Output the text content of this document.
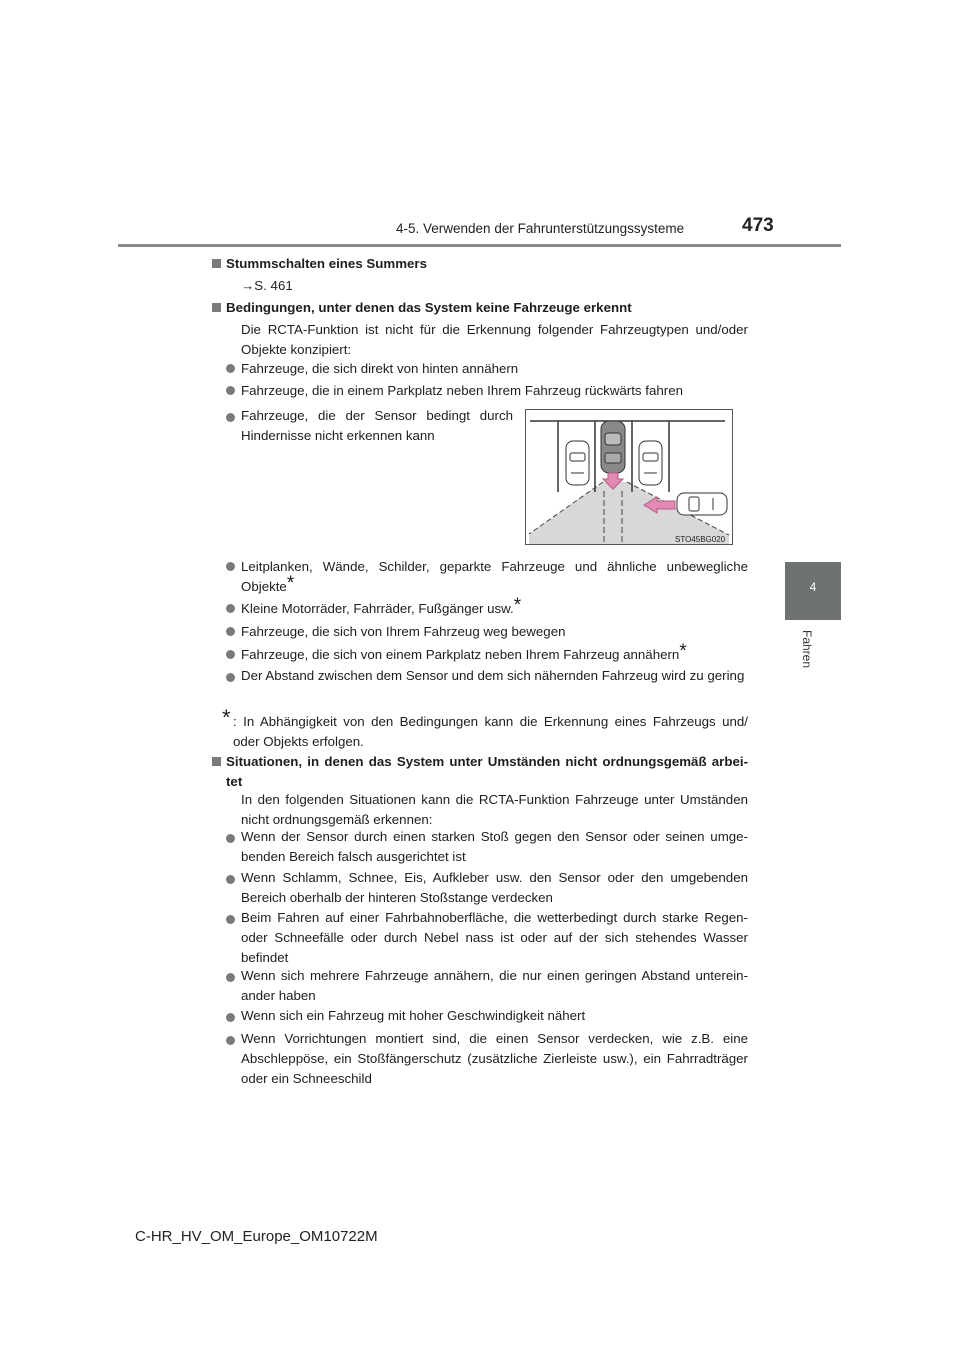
4-5. Verwenden der Fahrunterstützungssysteme	473
4
Fahren
Stummschalten eines Summers
→S. 461
Bedingungen, unter denen das System keine Fahrzeuge erkennt
Die RCTA-Funktion ist nicht für die Erkennung folgender Fahrzeugtypen und/oder Objekte konzipiert:
Fahrzeuge, die sich direkt von hinten annähern
Fahrzeuge, die in einem Parkplatz neben Ihrem Fahrzeug rückwärts fahren
Fahrzeuge, die der Sensor bedingt durch Hindernisse nicht erkennen kann
STO45BG020
Leitplanken, Wände, Schilder, geparkte Fahrzeuge und ähnliche unbewegliche Objekte*
Kleine Motorräder, Fahrräder, Fußgänger usw.*
Fahrzeuge, die sich von Ihrem Fahrzeug weg bewegen
Fahrzeuge, die sich von einem Parkplatz neben Ihrem Fahrzeug annähern*
Der Abstand zwischen dem Sensor und dem sich nähernden Fahrzeug wird zu gering
* : In Abhängigkeit von den Bedingungen kann die Erkennung eines Fahrzeugs und/ oder Objekts erfolgen.
Situationen, in denen das System unter Umständen nicht ordnungsgemäß arbei-tet
In den folgenden Situationen kann die RCTA-Funktion Fahrzeuge unter Umständen nicht ordnungsgemäß erkennen:
Wenn der Sensor durch einen starken Stoß gegen den Sensor oder seinen umge-benden Bereich falsch ausgerichtet ist
Wenn Schlamm, Schnee, Eis, Aufkleber usw. den Sensor oder den umgebenden Bereich oberhalb der hinteren Stoßstange verdecken
Beim Fahren auf einer Fahrbahnoberfläche, die wetterbedingt durch starke Regen- oder Schneefälle oder durch Nebel nass ist oder auf der sich stehendes Wasser befindet
Wenn sich mehrere Fahrzeuge annähern, die nur einen geringen Abstand unterein-ander haben
Wenn sich ein Fahrzeug mit hoher Geschwindigkeit nähert
Wenn Vorrichtungen montiert sind, die einen Sensor verdecken, wie z.B. eine Abschleppöse, ein Stoßfängerschutz (zusätzliche Zierleiste usw.), ein Fahrradträger oder ein Schneeschild
C-HR_HV_OM_Europe_OM10722M
